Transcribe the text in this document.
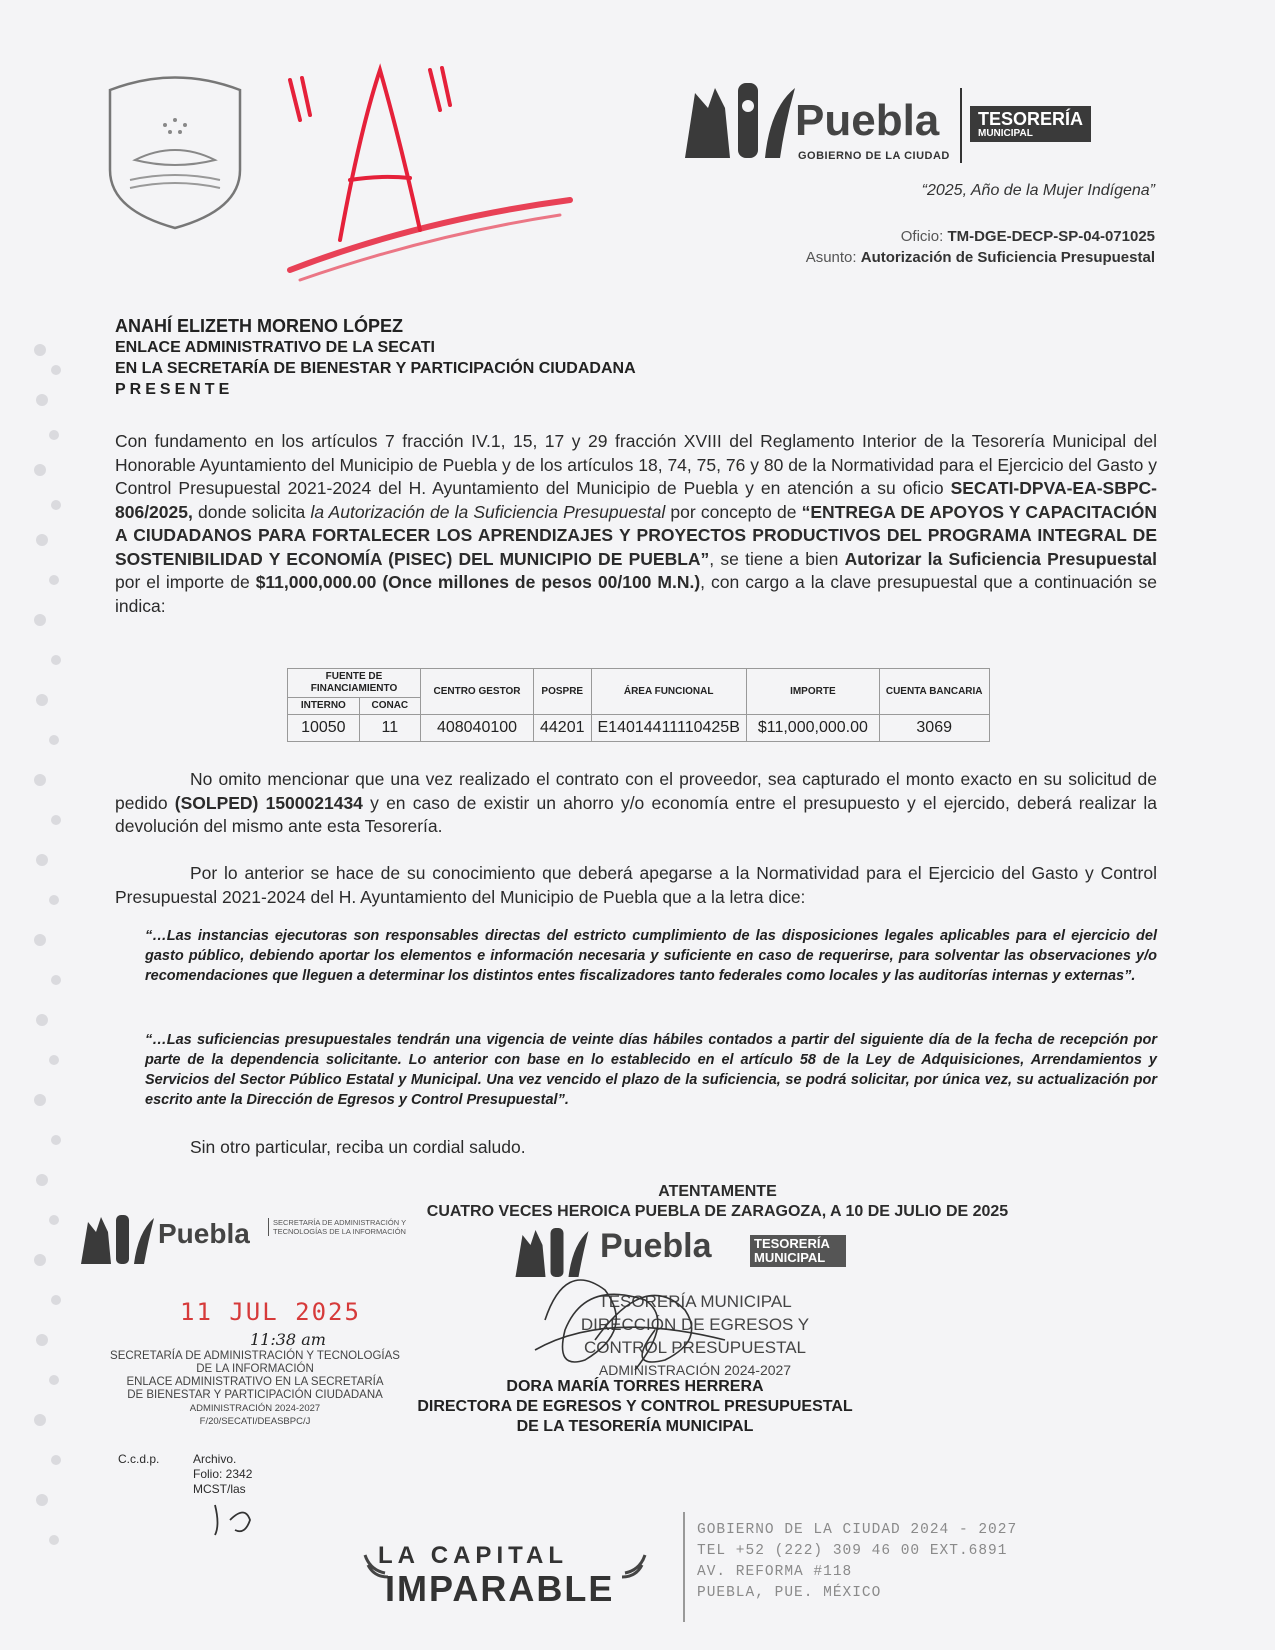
"A"
Puebla
GOBIERNO DE LA CIUDAD
TESORERÍA
MUNICIPAL
“2025, Año de la Mujer Indígena”
Oficio: TM-DGE-DECP-SP-04-071025
Asunto: Autorización de Suficiencia Presupuestal
ANAHÍ ELIZETH MORENO LÓPEZ
ENLACE ADMINISTRATIVO DE LA SECATI
EN LA SECRETARÍA DE BIENESTAR Y PARTICIPACIÓN CIUDADANA
PRESENTE
Con fundamento en los artículos 7 fracción IV.1, 15, 17 y 29 fracción XVIII del Reglamento Interior de la Tesorería Municipal del Honorable Ayuntamiento del Municipio de Puebla y de los artículos 18, 74, 75, 76 y 80 de la Normatividad para el Ejercicio del Gasto y Control Presupuestal 2021-2024 del H. Ayuntamiento del Municipio de Puebla y en atención a su oficio SECATI-DPVA-EA-SBPC-806/2025, donde solicita la Autorización de la Suficiencia Presupuestal por concepto de “ENTREGA DE APOYOS Y CAPACITACIÓN A CIUDADANOS PARA FORTALECER LOS APRENDIZAJES Y PROYECTOS PRODUCTIVOS DEL PROGRAMA INTEGRAL DE SOSTENIBILIDAD Y ECONOMÍA (PISEC) DEL MUNICIPIO DE PUEBLA”, se tiene a bien Autorizar la Suficiencia Presupuestal por el importe de $11,000,000.00 (Once millones de pesos 00/100 M.N.), con cargo a la clave presupuestal que a continuación se indica:
FUENTE DE FINANCIAMIENTO		CENTRO GESTOR	POSPRE	ÁREA FUNCIONAL	IMPORTE	CUENTA BANCARIA
INTERNO	CONAC					
10050	11	408040100	44201	E14014411110425B	$11,000,000.00	3069
No omito mencionar que una vez realizado el contrato con el proveedor, sea capturado el monto exacto en su solicitud de pedido (SOLPED) 1500021434 y en caso de existir un ahorro y/o economía entre el presupuesto y el ejercido, deberá realizar la devolución del mismo ante esta Tesorería.
Por lo anterior se hace de su conocimiento que deberá apegarse a la Normatividad para el Ejercicio del Gasto y Control Presupuestal 2021-2024 del H. Ayuntamiento del Municipio de Puebla que a la letra dice:
“…Las instancias ejecutoras son responsables directas del estricto cumplimiento de las disposiciones legales aplicables para el ejercicio del gasto público, debiendo aportar los elementos e información necesaria y suficiente en caso de requerirse, para solventar las observaciones y/o recomendaciones que lleguen a determinar los distintos entes fiscalizadores tanto federales como locales y las auditorías internas y externas”.
“…Las suficiencias presupuestales tendrán una vigencia de veinte días hábiles contados a partir del siguiente día de la fecha de recepción por parte de la dependencia solicitante. Lo anterior con base en lo establecido en el artículo 58 de la Ley de Adquisiciones, Arrendamientos y Servicios del Sector Público Estatal y Municipal. Una vez vencido el plazo de la suficiencia, se podrá solicitar, por única vez, su actualización por escrito ante la Dirección de Egresos y Control Presupuestal”.
Sin otro particular, reciba un cordial saludo.
ATENTAMENTE
CUATRO VECES HEROICA PUEBLA DE ZARAGOZA, A 10 DE JULIO DE 2025
Puebla	SECRETARÍA DE ADMINISTRACIÓN Y TECNOLOGÍAS DE LA INFORMACIÓN	Puebla	TESORERÍA MUNICIPAL
11 JUL 2025
11:38 am
SECRETARÍA DE ADMINISTRACIÓN Y TECNOLOGÍAS
DE LA INFORMACIÓN
ENLACE ADMINISTRATIVO EN LA SECRETARÍA
DE BIENESTAR Y PARTICIPACIÓN CIUDADANA
ADMINISTRACIÓN 2024-2027
F/20/SECATI/DEASBPC/J
TESORERÍA MUNICIPAL
DIRECCIÓN DE EGRESOS Y
CONTROL PRESUPUESTAL
ADMINISTRACIÓN 2024-2027
DORA MARÍA TORRES HERRERA
DIRECTORA DE EGRESOS Y CONTROL PRESUPUESTAL
DE LA TESORERÍA MUNICIPAL
C.c.d.p.	Archivo.
Folio: 2342
MCST/las
LA CAPITAL
IMPARABLE
GOBIERNO DE LA CIUDAD 2024 - 2027
TEL +52 (222) 309 46 00 EXT.6891
AV. REFORMA #118
PUEBLA, PUE. MÉXICO
